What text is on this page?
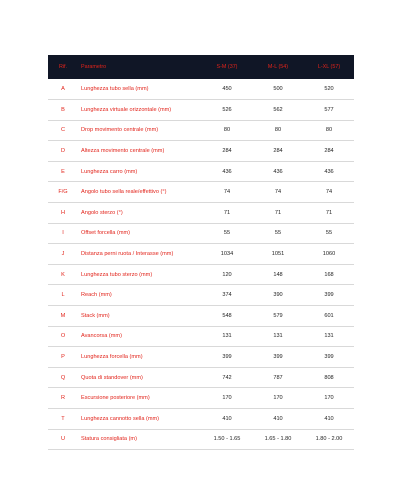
Rif.	Parametro	S-M (37)	M-L (54)	L-XL (57)
A	Lunghezza tubo sella (mm)	450	500	520
B	Lunghezza virtuale orizzontale (mm)	526	562	577
C	Drop movimento centrale (mm)	80	80	80
D	Altezza movimento centrale (mm)	284	284	284
E	Lunghezza carro (mm)	436	436	436
F/G	Angolo tubo sella reale/effettivo (°)	74	74	74
H	Angolo sterzo (°)	71	71	71
I	Offset forcella (mm)	55	55	55
J	Distanza perni ruota / Interasse (mm)	1034	1051	1060
K	Lunghezza tubo sterzo (mm)	120	148	168
L	Reach (mm)	374	390	399
M	Stack (mm)	548	579	601
O	Avancorsa (mm)	131	131	131
P	Lunghezza forcella (mm)	399	399	399
Q	Quota di standover (mm)	742	787	808
R	Escursione posteriore (mm)	170	170	170
T	Lunghezza cannotto sella (mm)	410	410	410
U	Statura consigliata (m)	1.50 - 1.65	1.65 - 1.80	1.80 - 2.00
